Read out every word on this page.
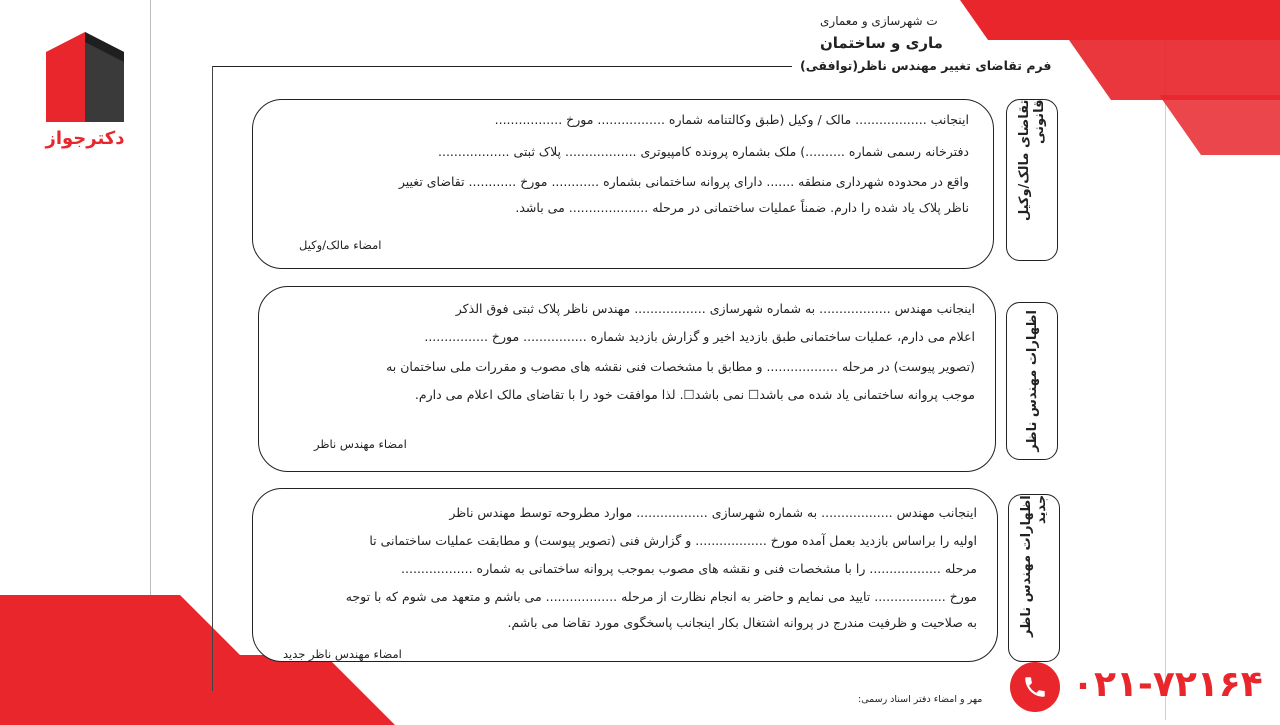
دکترجواز
ت شهرسازی و معماری
ماری و ساختمان
فرم تقاضای تغییر مهندس ناظر(توافقی)
اینجانب .................. مالک / وکیل (طبق وکالتنامه شماره ................. مورخ .................
دفترخانه رسمی شماره ..........) ملک بشماره پرونده کامپیوتری .................. پلاک ثبتی ..................
واقع در محدوده شهرداری منطقه ....... دارای پروانه ساختمانی بشماره ............ مورخ ............ تقاضای تغییر
ناظر پلاک یاد شده را دارم. ضمناً عملیات ساختمانی در مرحله .................... می باشد.
امضاء مالک/وکیل
تقاضای مالک/وکیل قانونی
اینجانب مهندس .................. به شماره شهرسازی .................. مهندس ناظر پلاک ثبتی فوق الذکر
اعلام می دارم، عملیات ساختمانی طبق بازدید اخیر و گزارش بازدید شماره ................ مورخ ................
(تصویر پیوست) در مرحله .................. و مطابق با مشخصات فنی نقشه های مصوب و مقررات ملی ساختمان به
موجب پروانه ساختمانی یاد شده می باشد☐ نمی باشد☐. لذا موافقت خود را با تقاضای مالک اعلام می دارم.
امضاء مهندس ناظر	اظهارات مهندس ناظر
اینجانب مهندس .................. به شماره شهرسازی .................. موارد مطروحه توسط مهندس ناظر
اولیه را براساس بازدید بعمل آمده مورخ .................. و گزارش فنی (تصویر پیوست) و مطابقت عملیات ساختمانی تا
مرحله .................. را با مشخصات فنی و نقشه های مصوب بموجب پروانه ساختمانی به شماره ..................
مورخ .................. تایید می نمایم و حاضر به انجام نظارت از مرحله .................. می باشم و متعهد می شوم که با توجه
به صلاحیت و ظرفیت مندرج در پروانه اشتغال بکار اینجانب پاسخگوی مورد تقاضا می باشم.
امضاء مهندس ناظر جدید
اظهارات مهندس ناظر جدید
مهر و امضاء دفتر اسناد رسمی: ۰۲۱-۷۲۱۶۴
